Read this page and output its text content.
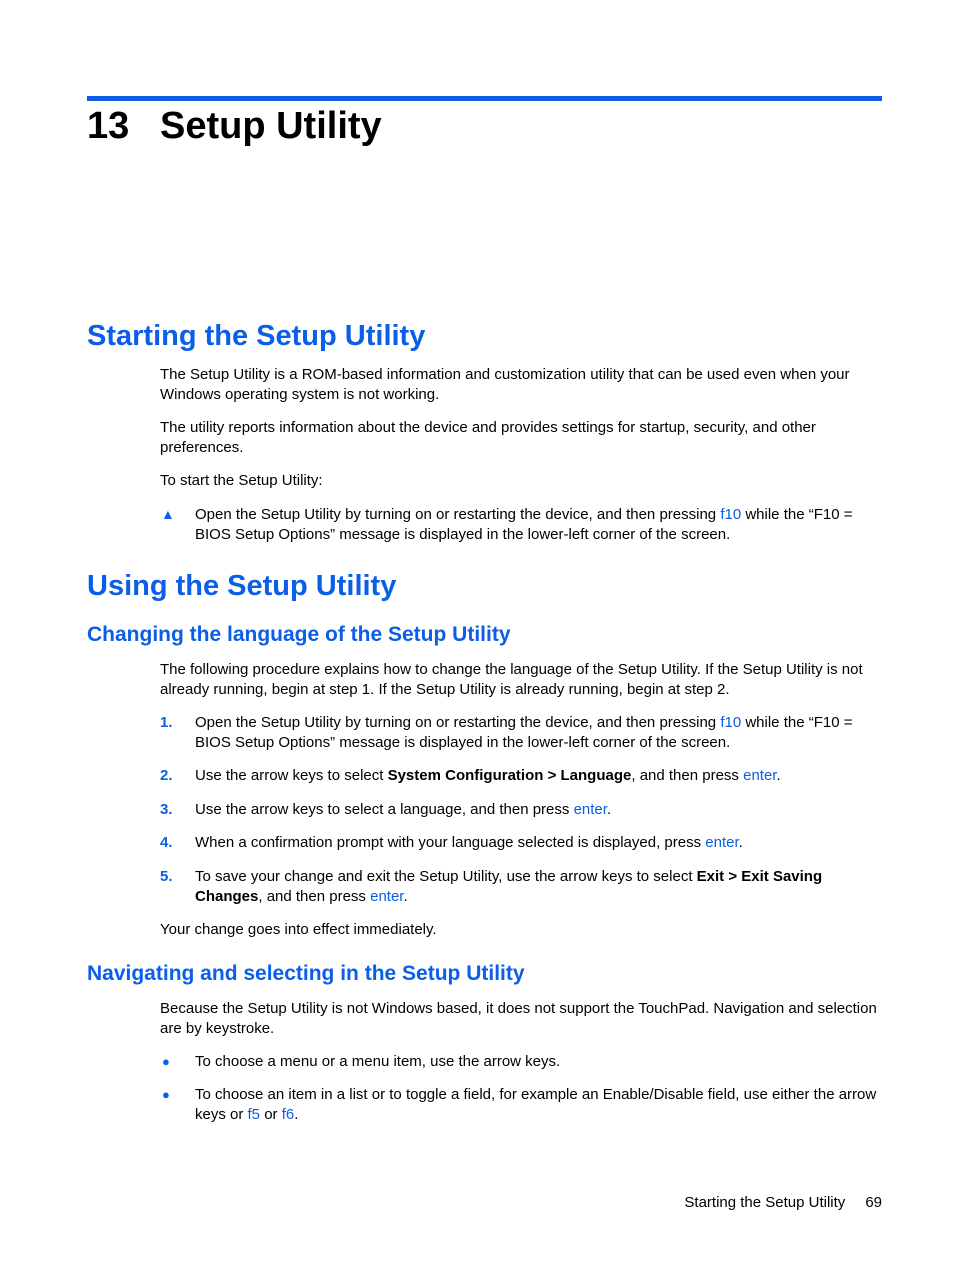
13 Setup Utility
Starting the Setup Utility

The Setup Utility is a ROM-based information and customization utility that can be used even when your Windows operating system is not working.

The utility reports information about the device and provides settings for startup, security, and other preferences.

To start the Setup Utility:

▲	Open the Setup Utility by turning on or restarting the device, and then pressing f10 while the “F10 = BIOS Setup Options” message is displayed in the lower-left corner of the screen.
Using the Setup Utility
Changing the language of the Setup Utility

The following procedure explains how to change the language of the Setup Utility. If the Setup Utility is not already running, begin at step 1. If the Setup Utility is already running, begin at step 2.

1.	Open the Setup Utility by turning on or restarting the device, and then pressing f10 while the “F10 = BIOS Setup Options” message is displayed in the lower-left corner of the screen.
2.	Use the arrow keys to select System Configuration > Language, and then press enter.
3.	Use the arrow keys to select a language, and then press enter.
4.	When a confirmation prompt with your language selected is displayed, press enter.
5.	To save your change and exit the Setup Utility, use the arrow keys to select Exit > Exit Saving Changes, and then press enter.

Your change goes into effect immediately.

Navigating and selecting in the Setup Utility

Because the Setup Utility is not Windows based, it does not support the TouchPad. Navigation and selection are by keystroke.

●	To choose a menu or a menu item, use the arrow keys.
●	To choose an item in a list or to toggle a field, for example an Enable/Disable field, use either the arrow keys or f5 or f6.
Starting the Setup Utility 69
